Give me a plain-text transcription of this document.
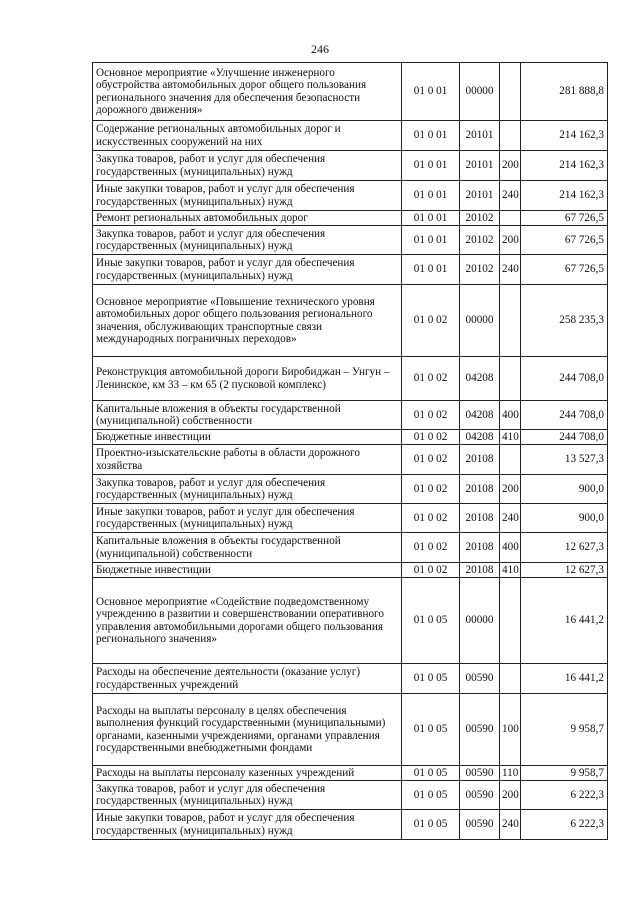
246
Основное мероприятие «Улучшение инженерного обустройства автомобильных дорог общего пользования регионального значения для обеспечения безопасности дорожного движения»	01 0 01	00000		281 888,8
Содержание региональных автомобильных дорог и искусственных сооружений на них	01 0 01	20101		214 162,3
Закупка товаров, работ и услуг для обеспечения государственных (муниципальных) нужд	01 0 01	20101	200	214 162,3
Иные закупки товаров, работ и услуг для обеспечения государственных (муниципальных) нужд	01 0 01	20101	240	214 162,3
Ремонт региональных автомобильных дорог	01 0 01	20102		67 726,5
Закупка товаров, работ и услуг для обеспечения государственных (муниципальных) нужд	01 0 01	20102	200	67 726,5
Иные закупки товаров, работ и услуг для обеспечения государственных (муниципальных) нужд	01 0 01	20102	240	67 726,5
Основное мероприятие «Повышение технического уровня автомобильных дорог общего пользования регионального значения, обслуживающих транспортные связи международных пограничных переходов»	01 0 02	00000		258 235,3
Реконструкция автомобильной дороги Биробиджан – Унгун – Ленинское, км 33 – км 65 (2 пусковой комплекс)	01 0 02	04208		244 708,0
Капитальные вложения в объекты государственной (муниципальной) собственности	01 0 02	04208	400	244 708,0
Бюджетные инвестиции	01 0 02	04208	410	244 708,0
Проектно-изыскательские работы в области дорожного хозяйства	01 0 02	20108		13 527,3
Закупка товаров, работ и услуг для обеспечения государственных (муниципальных) нужд	01 0 02	20108	200	900,0
Иные закупки товаров, работ и услуг для обеспечения государственных (муниципальных) нужд	01 0 02	20108	240	900,0
Капитальные вложения в объекты государственной (муниципальной) собственности	01 0 02	20108	400	12 627,3
Бюджетные инвестиции	01 0 02	20108	410	12 627,3
Основное мероприятие «Содействие подведомственному учреждению в развитии и совершенствовании оперативного управления автомобильными дорогами общего пользования регионального значения»	01 0 05	00000		16 441,2
Расходы на обеспечение деятельности (оказание услуг) государственных учреждений	01 0 05	00590		16 441,2
Расходы на выплаты персоналу в целях обеспечения выполнения функций государственными (муниципальными) органами, казенными учреждениями, органами управления государственными внебюджетными фондами	01 0 05	00590	100	9 958,7
Расходы на выплаты персоналу казенных учреждений	01 0 05	00590	110	9 958,7
Закупка товаров, работ и услуг для обеспечения государственных (муниципальных) нужд	01 0 05	00590	200	6 222,3
Иные закупки товаров, работ и услуг для обеспечения государственных (муниципальных) нужд	01 0 05	00590	240	6 222,3
